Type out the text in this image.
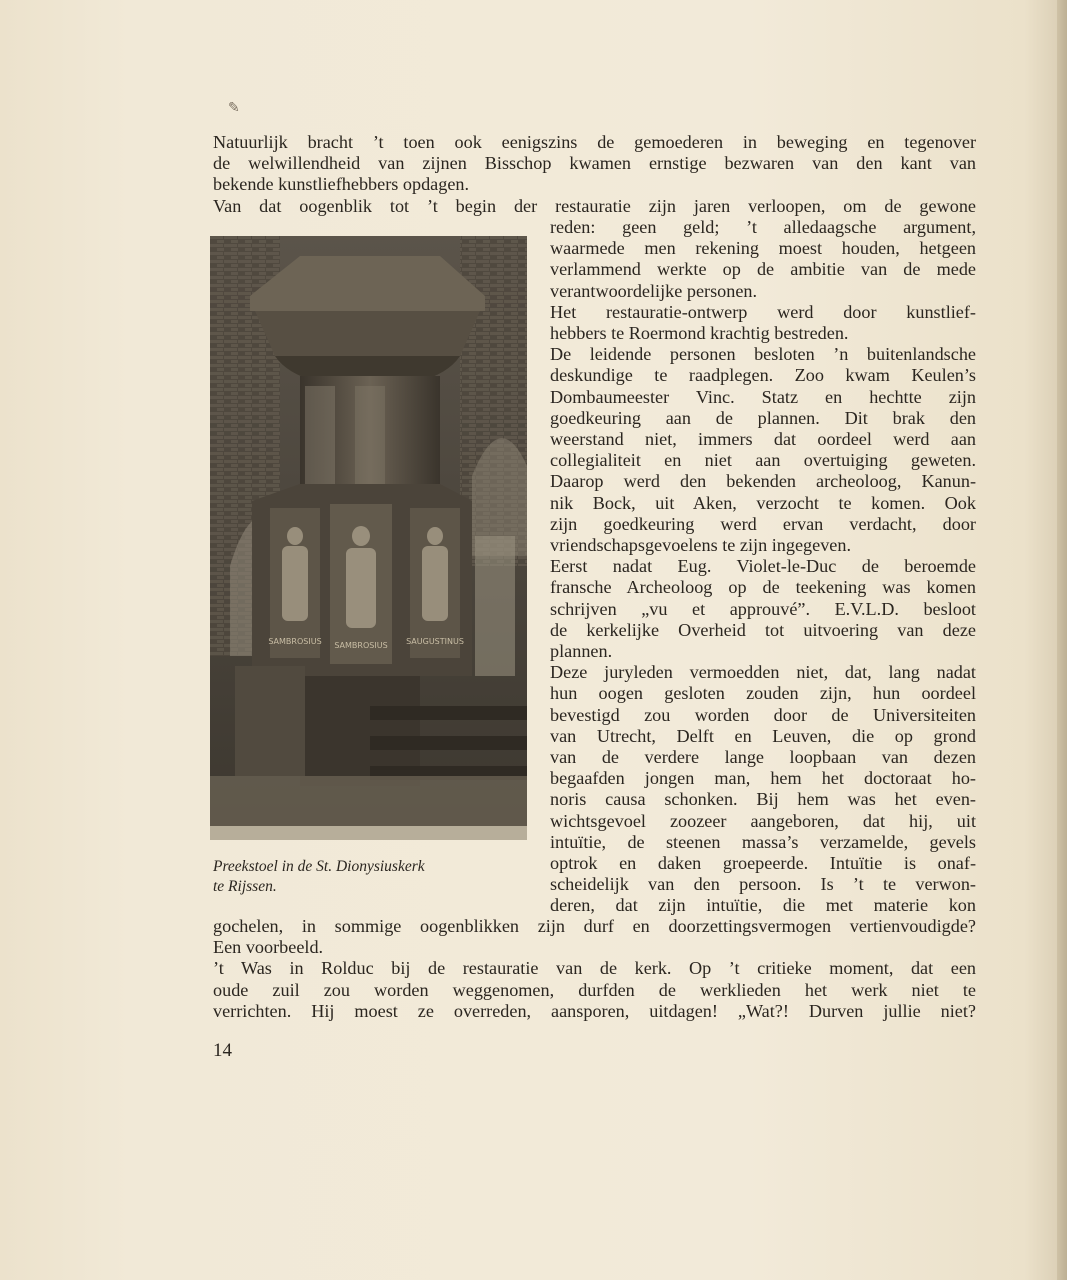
✎
SAMBROSIUS SAMBROSIUS SAUGUSTINUS
Preekstoel in de St. Dionysiuskerk
te Rijssen.
14
Natuurlijk bracht ’t toen ook eenigszins de gemoederen in beweging en tegenover
de welwillendheid van zijnen Bisschop kwamen ernstige bezwaren van den kant van
bekende kunstliefhebbers opdagen.
Van dat oogenblik tot ’t begin der restauratie zijn jaren verloopen, om de gewone
reden: geen geld; ’t alledaagsche argument,
waarmede men rekening moest houden, hetgeen
verlammend werkte op de ambitie van de mede
verantwoordelijke personen.
Het restauratie-ontwerp werd door kunstlief-
hebbers te Roermond krachtig bestreden.
De leidende personen besloten ’n buitenlandsche
deskundige te raadplegen. Zoo kwam Keulen’s
Dombaumeester Vinc. Statz en hechtte zijn
goedkeuring aan de plannen. Dit brak den
weerstand niet, immers dat oordeel werd aan
collegialiteit en niet aan overtuiging geweten.
Daarop werd den bekenden archeoloog, Kanun-
nik Bock, uit Aken, verzocht te komen. Ook
zijn goedkeuring werd ervan verdacht, door
vriendschapsgevoelens te zijn ingegeven.
Eerst nadat Eug. Violet-le-Duc de beroemde
fransche Archeoloog op de teekening was komen
schrijven „vu et approuvé”. E.V.L.D. besloot
de kerkelijke Overheid tot uitvoering van deze
plannen.
Deze juryleden vermoedden niet, dat, lang nadat
hun oogen gesloten zouden zijn, hun oordeel
bevestigd zou worden door de Universiteiten
van Utrecht, Delft en Leuven, die op grond
van de verdere lange loopbaan van dezen
begaafden jongen man, hem het doctoraat ho-
noris causa schonken. Bij hem was het even-
wichtsgevoel zoozeer aangeboren, dat hij, uit
intuïtie, de steenen massa’s verzamelde, gevels
optrok en daken groepeerde. Intuïtie is onaf-
scheidelijk van den persoon. Is ’t te verwon-
deren, dat zijn intuïtie, die met materie kon
gochelen, in sommige oogenblikken zijn durf en doorzettingsvermogen vertienvoudigde?
Een voorbeeld.
’t Was in Rolduc bij de restauratie van de kerk. Op ’t critieke moment, dat een
oude zuil zou worden weggenomen, durfden de werklieden het werk niet te
verrichten. Hij moest ze overreden, aansporen, uitdagen! „Wat?! Durven jullie niet?
